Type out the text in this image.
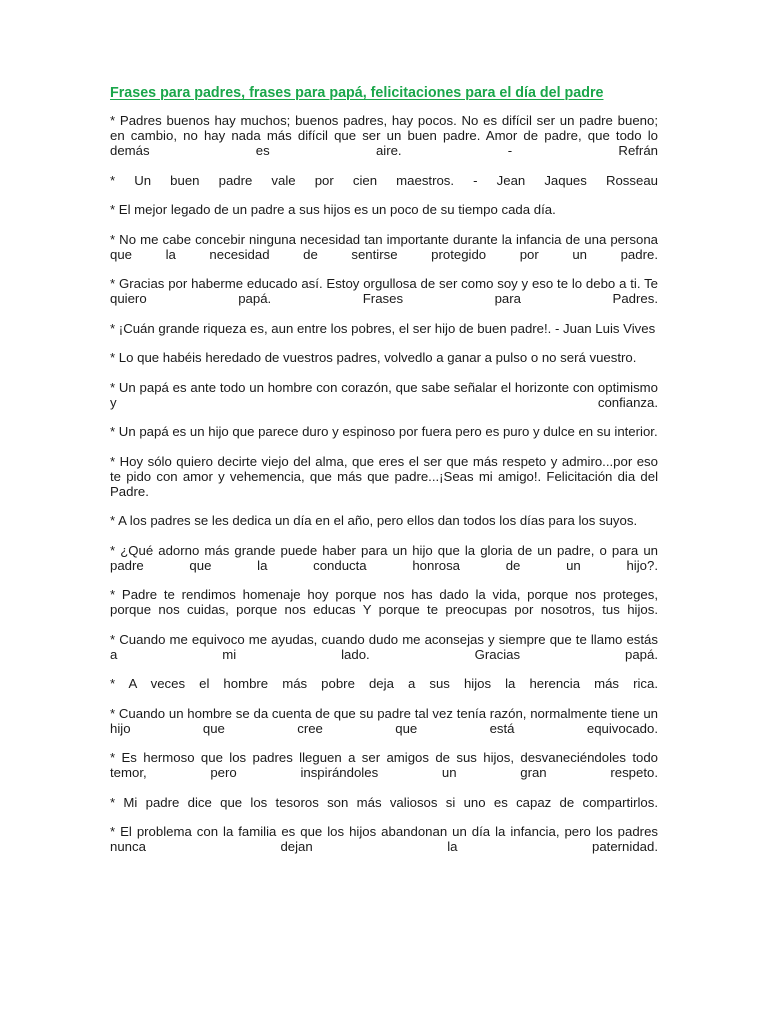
Frases para padres, frases para papá, felicitaciones para el día del padre

* Padres buenos hay muchos; buenos padres, hay pocos. No es difícil ser un padre bueno; en cambio, no hay nada más difícil que ser un buen padre. Amor de padre, que todo lo demás es aire. - Refrán

* Un buen padre vale por cien maestros. - Jean Jaques Rosseau

* El mejor legado de un padre a sus hijos es un poco de su tiempo cada día.

* No me cabe concebir ninguna necesidad tan importante durante la infancia de una persona que la necesidad de sentirse protegido por un padre.

* Gracias por haberme educado así. Estoy orgullosa de ser como soy y eso te lo debo a ti. Te quiero papá. Frases para Padres.

* ¡Cuán grande riqueza es, aun entre los pobres, el ser hijo de buen padre!. - Juan Luis Vives

* Lo que habéis heredado de vuestros padres, volvedlo a ganar a pulso o no será vuestro.

* Un papá es ante todo un hombre con corazón, que sabe señalar el horizonte con optimismo y confianza.

* Un papá es un hijo que parece duro y espinoso por fuera pero es puro y dulce en su interior.

* Hoy sólo quiero decirte viejo del alma, que eres el ser que más respeto y admiro...por eso te pido con amor y vehemencia, que más que padre...¡Seas mi amigo!. Felicitación dia del Padre.

* A los padres se les dedica un día en el año, pero ellos dan todos los días para los suyos.

* ¿Qué adorno más grande puede haber para un hijo que la gloria de un padre, o para un padre que la conducta honrosa de un hijo?.

* Padre te rendimos homenaje hoy porque nos has dado la vida, porque nos proteges, porque nos cuidas, porque nos educas Y porque te preocupas por nosotros, tus hijos.

* Cuando me equivoco me ayudas, cuando dudo me aconsejas y siempre que te llamo estás a mi lado. Gracias papá.

* A veces el hombre más pobre deja a sus hijos la herencia más rica.

* Cuando un hombre se da cuenta de que su padre tal vez tenía razón, normalmente tiene un hijo que cree que está equivocado.

* Es hermoso que los padres lleguen a ser amigos de sus hijos, desvaneciéndoles todo temor, pero inspirándoles un gran respeto.

* Mi padre dice que los tesoros son más valiosos si uno es capaz de compartirlos.

* El problema con la familia es que los hijos abandonan un día la infancia, pero los padres nunca dejan la paternidad.
